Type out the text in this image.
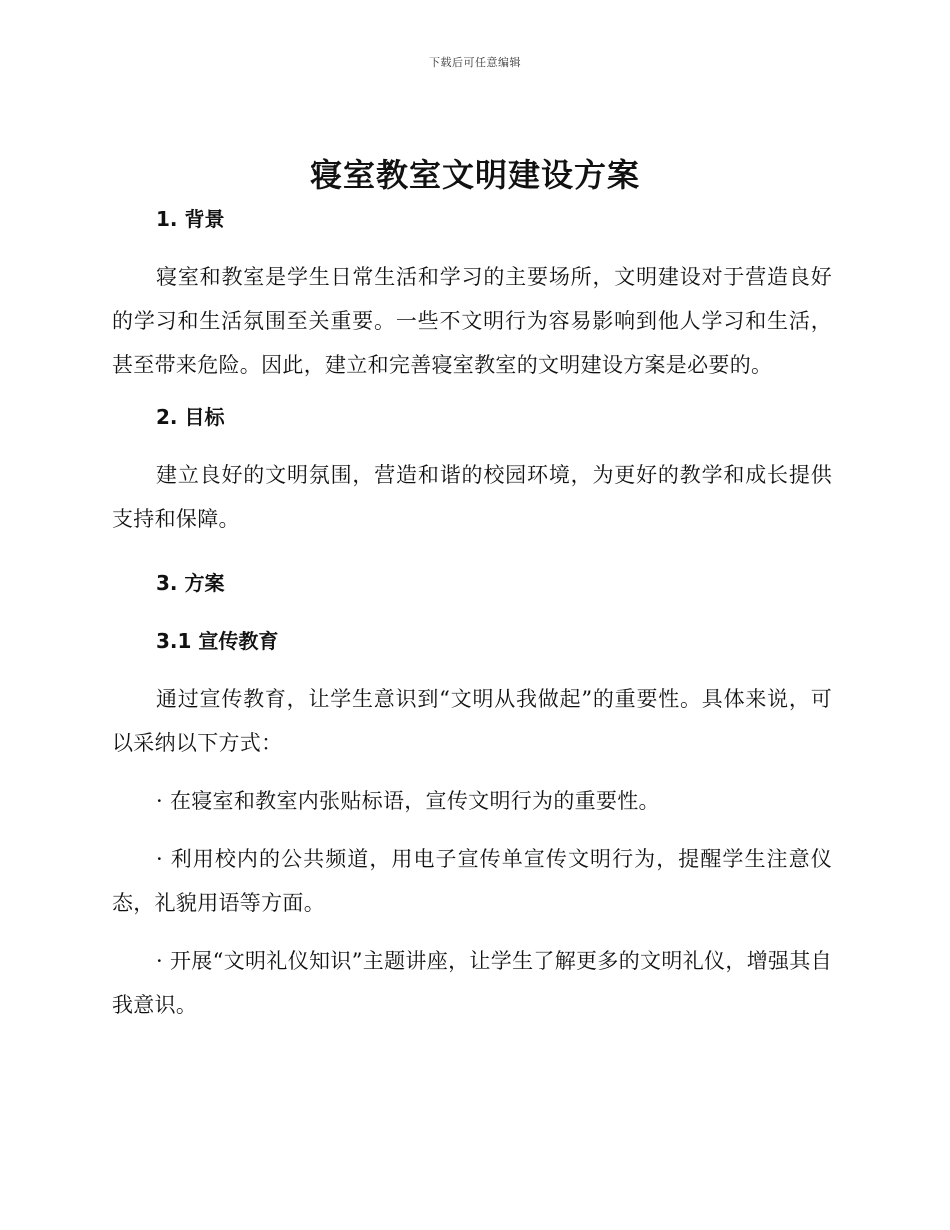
下载后可任意编辑
寝室教室文明建设方案
1. 背景

寝室和教室是学生日常生活和学习的主要场所，文明建设对于营造良好的学习和生活氛围至关重要。一些不文明行为容易影响到他人学习和生活，甚至带来危险。因此，建立和完善寝室教室的文明建设方案是必要的。

2. 目标

建立良好的文明氛围，营造和谐的校园环境，为更好的教学和成长提供支持和保障。

3. 方案
3.1 宣传教育

通过宣传教育，让学生意识到“文明从我做起”的重要性。具体来说，可以采纳以下方式：

· 在寝室和教室内张贴标语，宣传文明行为的重要性。

· 利用校内的公共频道，用电子宣传单宣传文明行为，提醒学生注意仪态，礼貌用语等方面。

· 开展“文明礼仪知识”主题讲座，让学生了解更多的文明礼仪，增强其自我意识。
